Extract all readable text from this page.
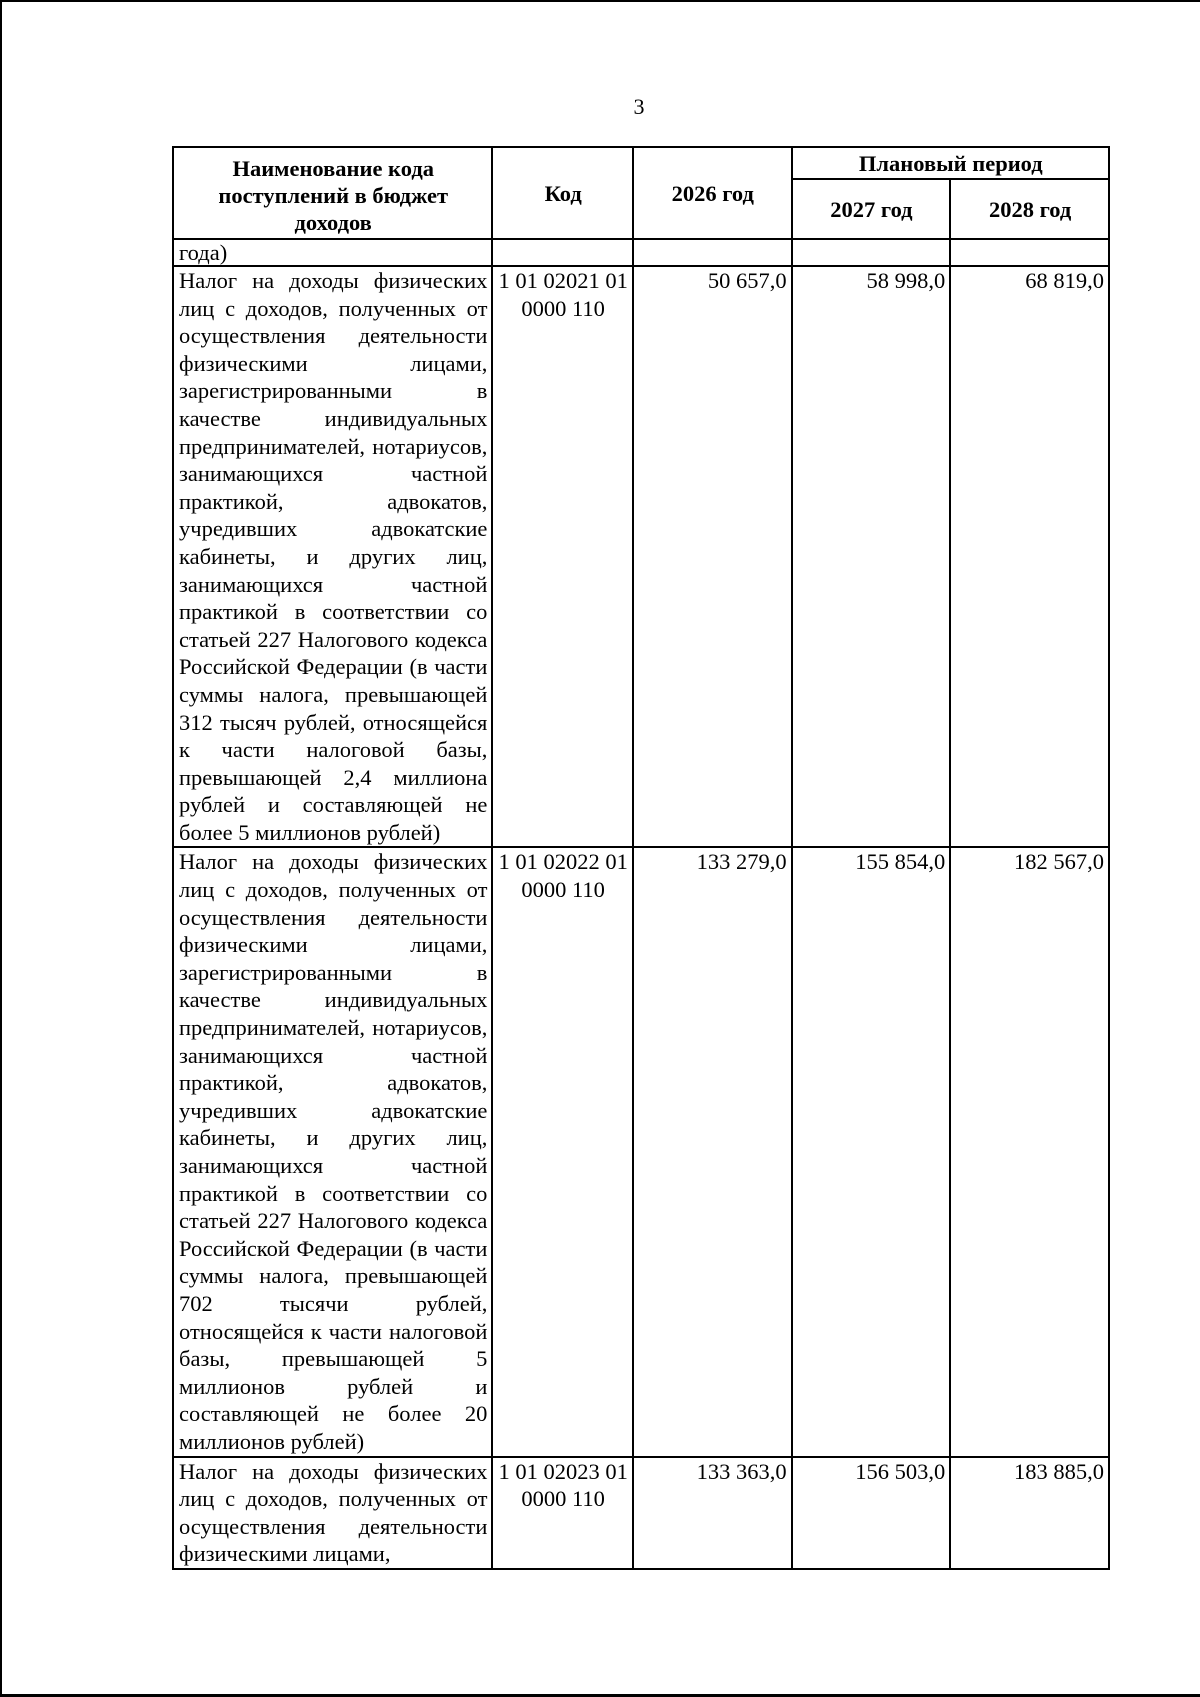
3
Наименование кода поступлений в бюджет доходов	Код	2026 год	Плановый период	
			2027 год	2028 год
года)				
Налог на доходы физических лиц с доходов, полученных от осуществления деятельности физическими лицами, зарегистрированными в качестве индивидуальных предпринимателей, нотариусов, занимающихся частной практикой, адвокатов, учредивших адвокатские кабинеты, и других лиц, занимающихся частной практикой в соответствии со статьей 227 Налогового кодекса Российской Федерации (в части суммы налога, превышающей 312 тысяч рублей, относящейся к части налоговой базы, превышающей 2,4 миллиона рублей и составляющей не более 5 миллионов рублей)	1 01 02021 01 0000 110	50 657,0	58 998,0	68 819,0
Налог на доходы физических лиц с доходов, полученных от осуществления деятельности физическими лицами, зарегистрированными в качестве индивидуальных предпринимателей, нотариусов, занимающихся частной практикой, адвокатов, учредивших адвокатские кабинеты, и других лиц, занимающихся частной практикой в соответствии со статьей 227 Налогового кодекса Российской Федерации (в части суммы налога, превышающей 702 тысячи рублей, относящейся к части налоговой базы, превышающей 5 миллионов рублей и составляющей не более 20 миллионов рублей)	1 01 02022 01 0000 110	133 279,0	155 854,0	182 567,0
Налог на доходы физических лиц с доходов, полученных от осуществления деятельности физическими лицами,	1 01 02023 01 0000 110	133 363,0	156 503,0	183 885,0
